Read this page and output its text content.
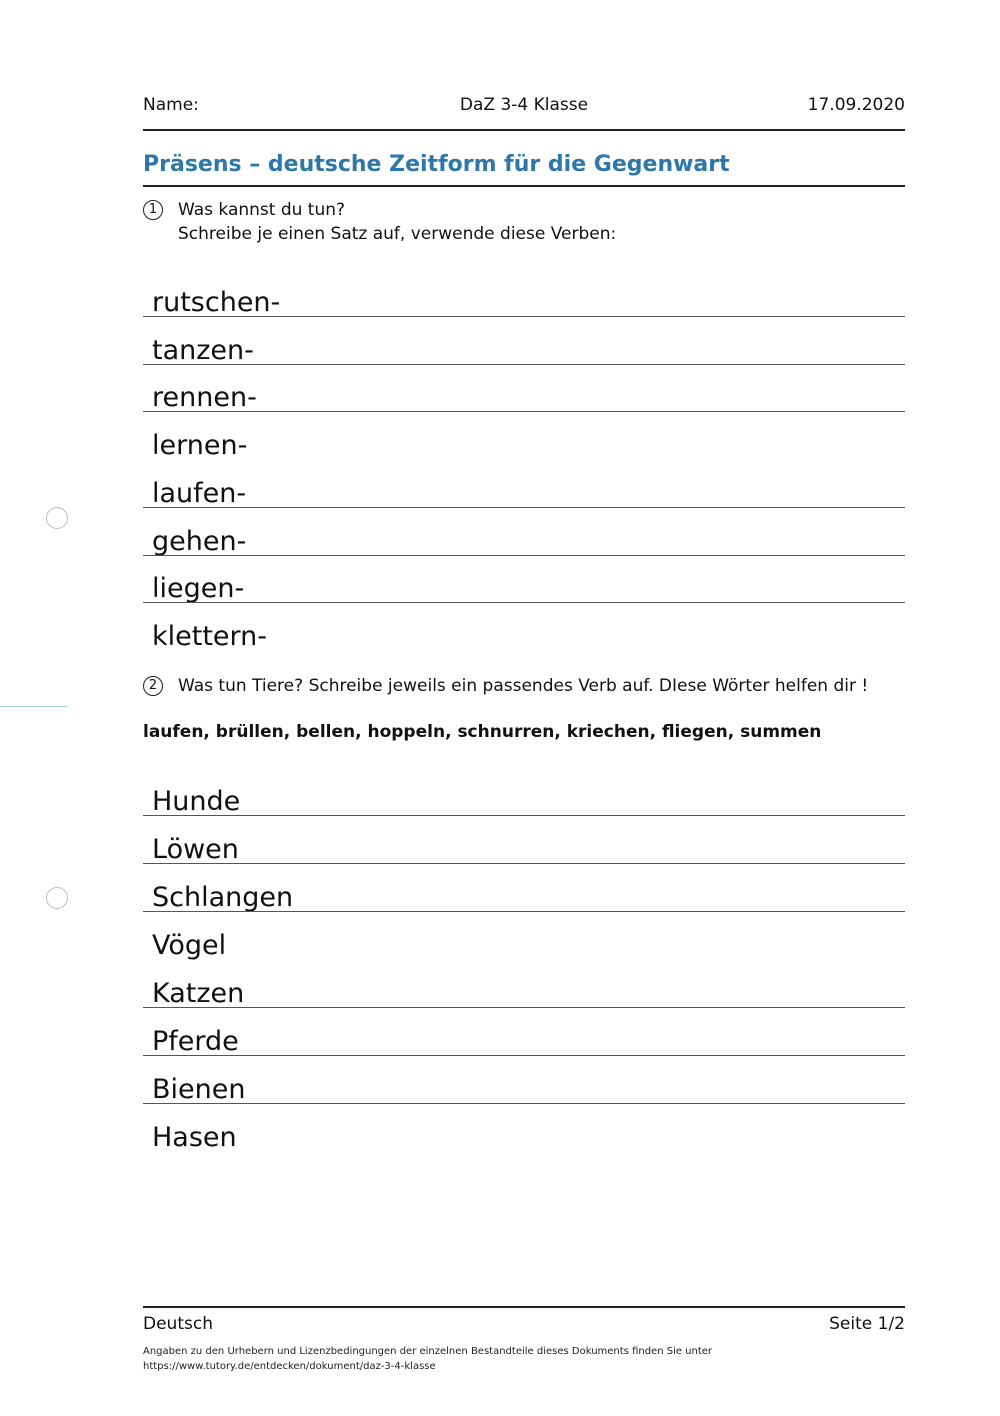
Name:	DaZ 3-4 Klasse	17.09.2020
Präsens – deutsche Zeitform für die Gegenwart
1	Was kannst du tun?
Schreibe je einen Satz auf, verwende diese Verben:
rutschen-
tanzen-
rennen-
lernen-
laufen-
gehen-
liegen-
klettern-
2	Was tun Tiere? Schreibe jeweils ein passendes Verb auf. DIese Wörter helfen dir !
laufen, brüllen, bellen, hoppeln, schnurren, kriechen, fliegen, summen
Hunde
Löwen
Schlangen
Vögel
Katzen
Pferde
Bienen
Hasen
Deutsch	Seite 1/2
Angaben zu den Urhebern und Lizenzbedingungen der einzelnen Bestandteile dieses Dokuments finden Sie unter
https://www.tutory.de/entdecken/dokument/daz-3-4-klasse
